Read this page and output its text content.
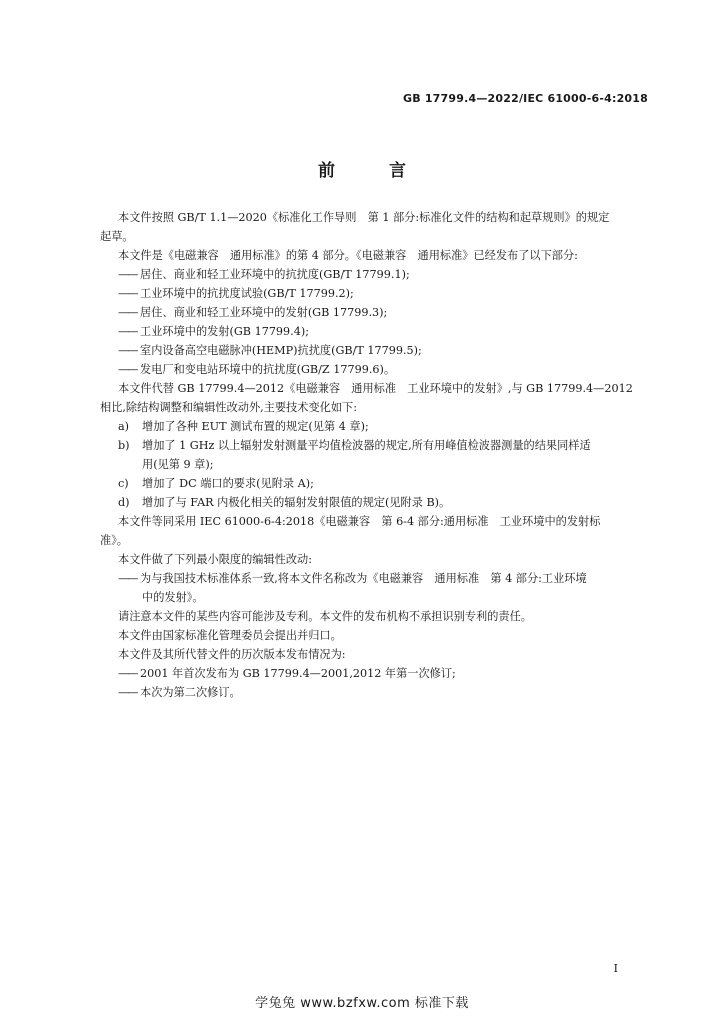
GB 17799.4—2022/IEC 61000-6-4:2018
前 言
本文件按照 GB/T 1.1—2020《标准化工作导则　第 1 部分:标准化文件的结构和起草规则》的规定
起草。
本文件是《电磁兼容　通用标准》的第 4 部分。《电磁兼容　通用标准》已经发布了以下部分:
—— 居住、商业和轻工业环境中的抗扰度(GB/T 17799.1);
—— 工业环境中的抗扰度试验(GB/T 17799.2);
—— 居住、商业和轻工业环境中的发射(GB 17799.3);
—— 工业环境中的发射(GB 17799.4);
—— 室内设备高空电磁脉冲(HEMP)抗扰度(GB/T 17799.5);
—— 发电厂和变电站环境中的抗扰度(GB/Z 17799.6)。
本文件代替 GB 17799.4—2012《电磁兼容　通用标准　工业环境中的发射》,与 GB 17799.4—2012
相比,除结构调整和编辑性改动外,主要技术变化如下:
a) 增加了各种 EUT 测试布置的规定(见第 4 章);
b) 增加了 1 GHz 以上辐射发射测量平均值检波器的规定,所有用峰值检波器测量的结果同样适
用(见第 9 章);
c) 增加了 DC 端口的要求(见附录 A);
d) 增加了与 FAR 内极化相关的辐射发射限值的规定(见附录 B)。
本文件等同采用 IEC 61000-6-4:2018《电磁兼容　第 6-4 部分:通用标准　工业环境中的发射标
准》。
本文件做了下列最小限度的编辑性改动:
—— 为与我国技术标准体系一致,将本文件名称改为《电磁兼容　通用标准　第 4 部分:工业环境
中的发射》。
请注意本文件的某些内容可能涉及专利。本文件的发布机构不承担识别专利的责任。
本文件由国家标准化管理委员会提出并归口。
本文件及其所代替文件的历次版本发布情况为:
—— 2001 年首次发布为 GB 17799.4—2001,2012 年第一次修订;
—— 本次为第二次修订。
I
学兔兔 www.bzfxw.com 标准下载
